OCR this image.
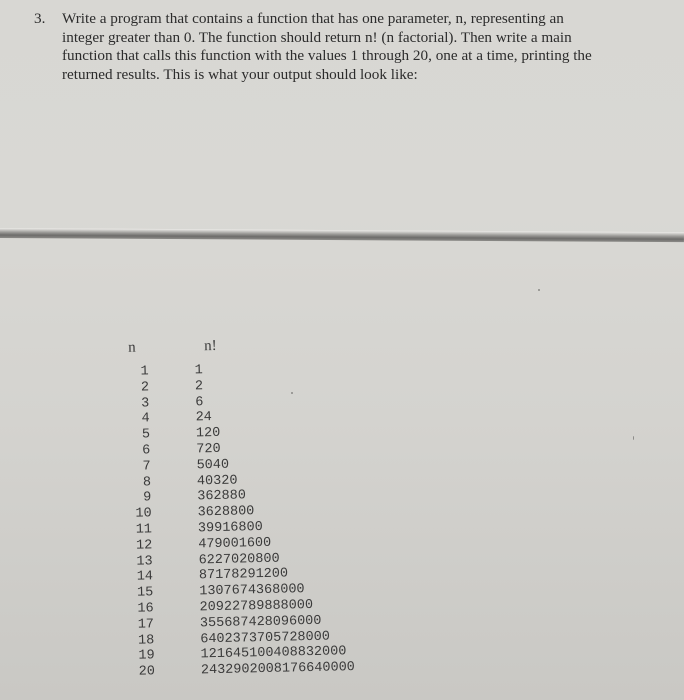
3. Write a program that contains a function that has one parameter, n, representing an
integer greater than 0. The function should return n! (n factorial). Then write a main
function that calls this function with the values 1 through 20, one at a time, printing the
returned results. This is what your output should look like:
n	n!
1	1
2	2
3	6
4	24
5	120
6	720
7	5040
8	40320
9	362880
10	3628800
11	39916800
12	479001600
13	6227020800
14	87178291200
15	1307674368000
16	20922789888000
17	355687428096000
18	6402373705728000
19	121645100408832000
20	2432902008176640000
